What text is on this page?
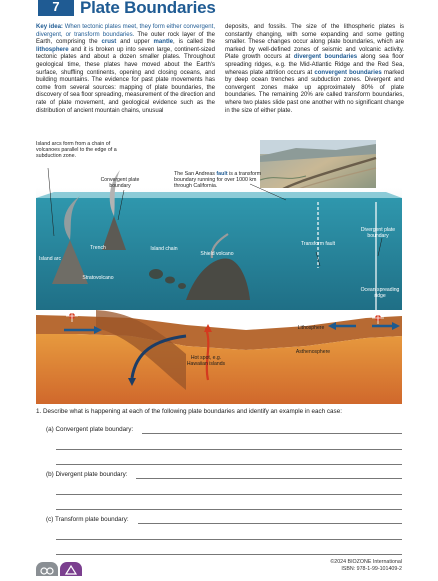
7	Plate Boundaries
Key idea: When tectonic plates meet, they form either convergent, divergent, or transform boundaries. The outer rock layer of the Earth, comprising the crust and upper mantle, is called the lithosphere and it is broken up into seven large, continent-sized tectonic plates and about a dozen smaller plates. Throughout geological time, these plates have moved about the Earth's surface, shuffling continents, opening and closing oceans, and building mountains. The evidence for past plate movements has come from several sources: mapping of plate boundaries, the discovery of sea floor spreading, measurement of the direction and rate of plate movement, and geological evidence such as the distribution of ancient mountain chains, unusual
deposits, and fossils. The size of the lithospheric plates is constantly changing, with some expanding and some getting smaller. These changes occur along plate boundaries, which are marked by well-defined zones of seismic and volcanic activity. Plate growth occurs at divergent boundaries along sea floor spreading ridges, e.g. the Mid-Atlantic Ridge and the Red Sea, whereas plate attrition occurs at convergent boundaries marked by deep ocean trenches and subduction zones. Divergent and convergent zones make up approximately 80% of plate boundaries. The remaining 20% are called transform boundaries, where two plates slide past one another with no significant change in the size of either plate.
Island arcs form from a chain of volcanoes parallel to the edge of a subduction zone.
The San Andreas fault is a transform boundary running for over 1000 km through California.
Convergent plate boundary
Trench	Island chain
Shield volcano
Transform fault
Divergent plate boundary
Island arc
Stratovolcano
Ocean spreading ridge
Lithosphere
Asthenosphere
Hot spot, e.g. Hawaiian islands
1. Describe what is happening at each of the following plate boundaries and identify an example in each case:
(a) Convergent plate boundary:
(b) Divergent plate boundary:
(c) Transform plate boundary:
©2024 BIOZONE International
ISBN: 978-1-99-101409-2
